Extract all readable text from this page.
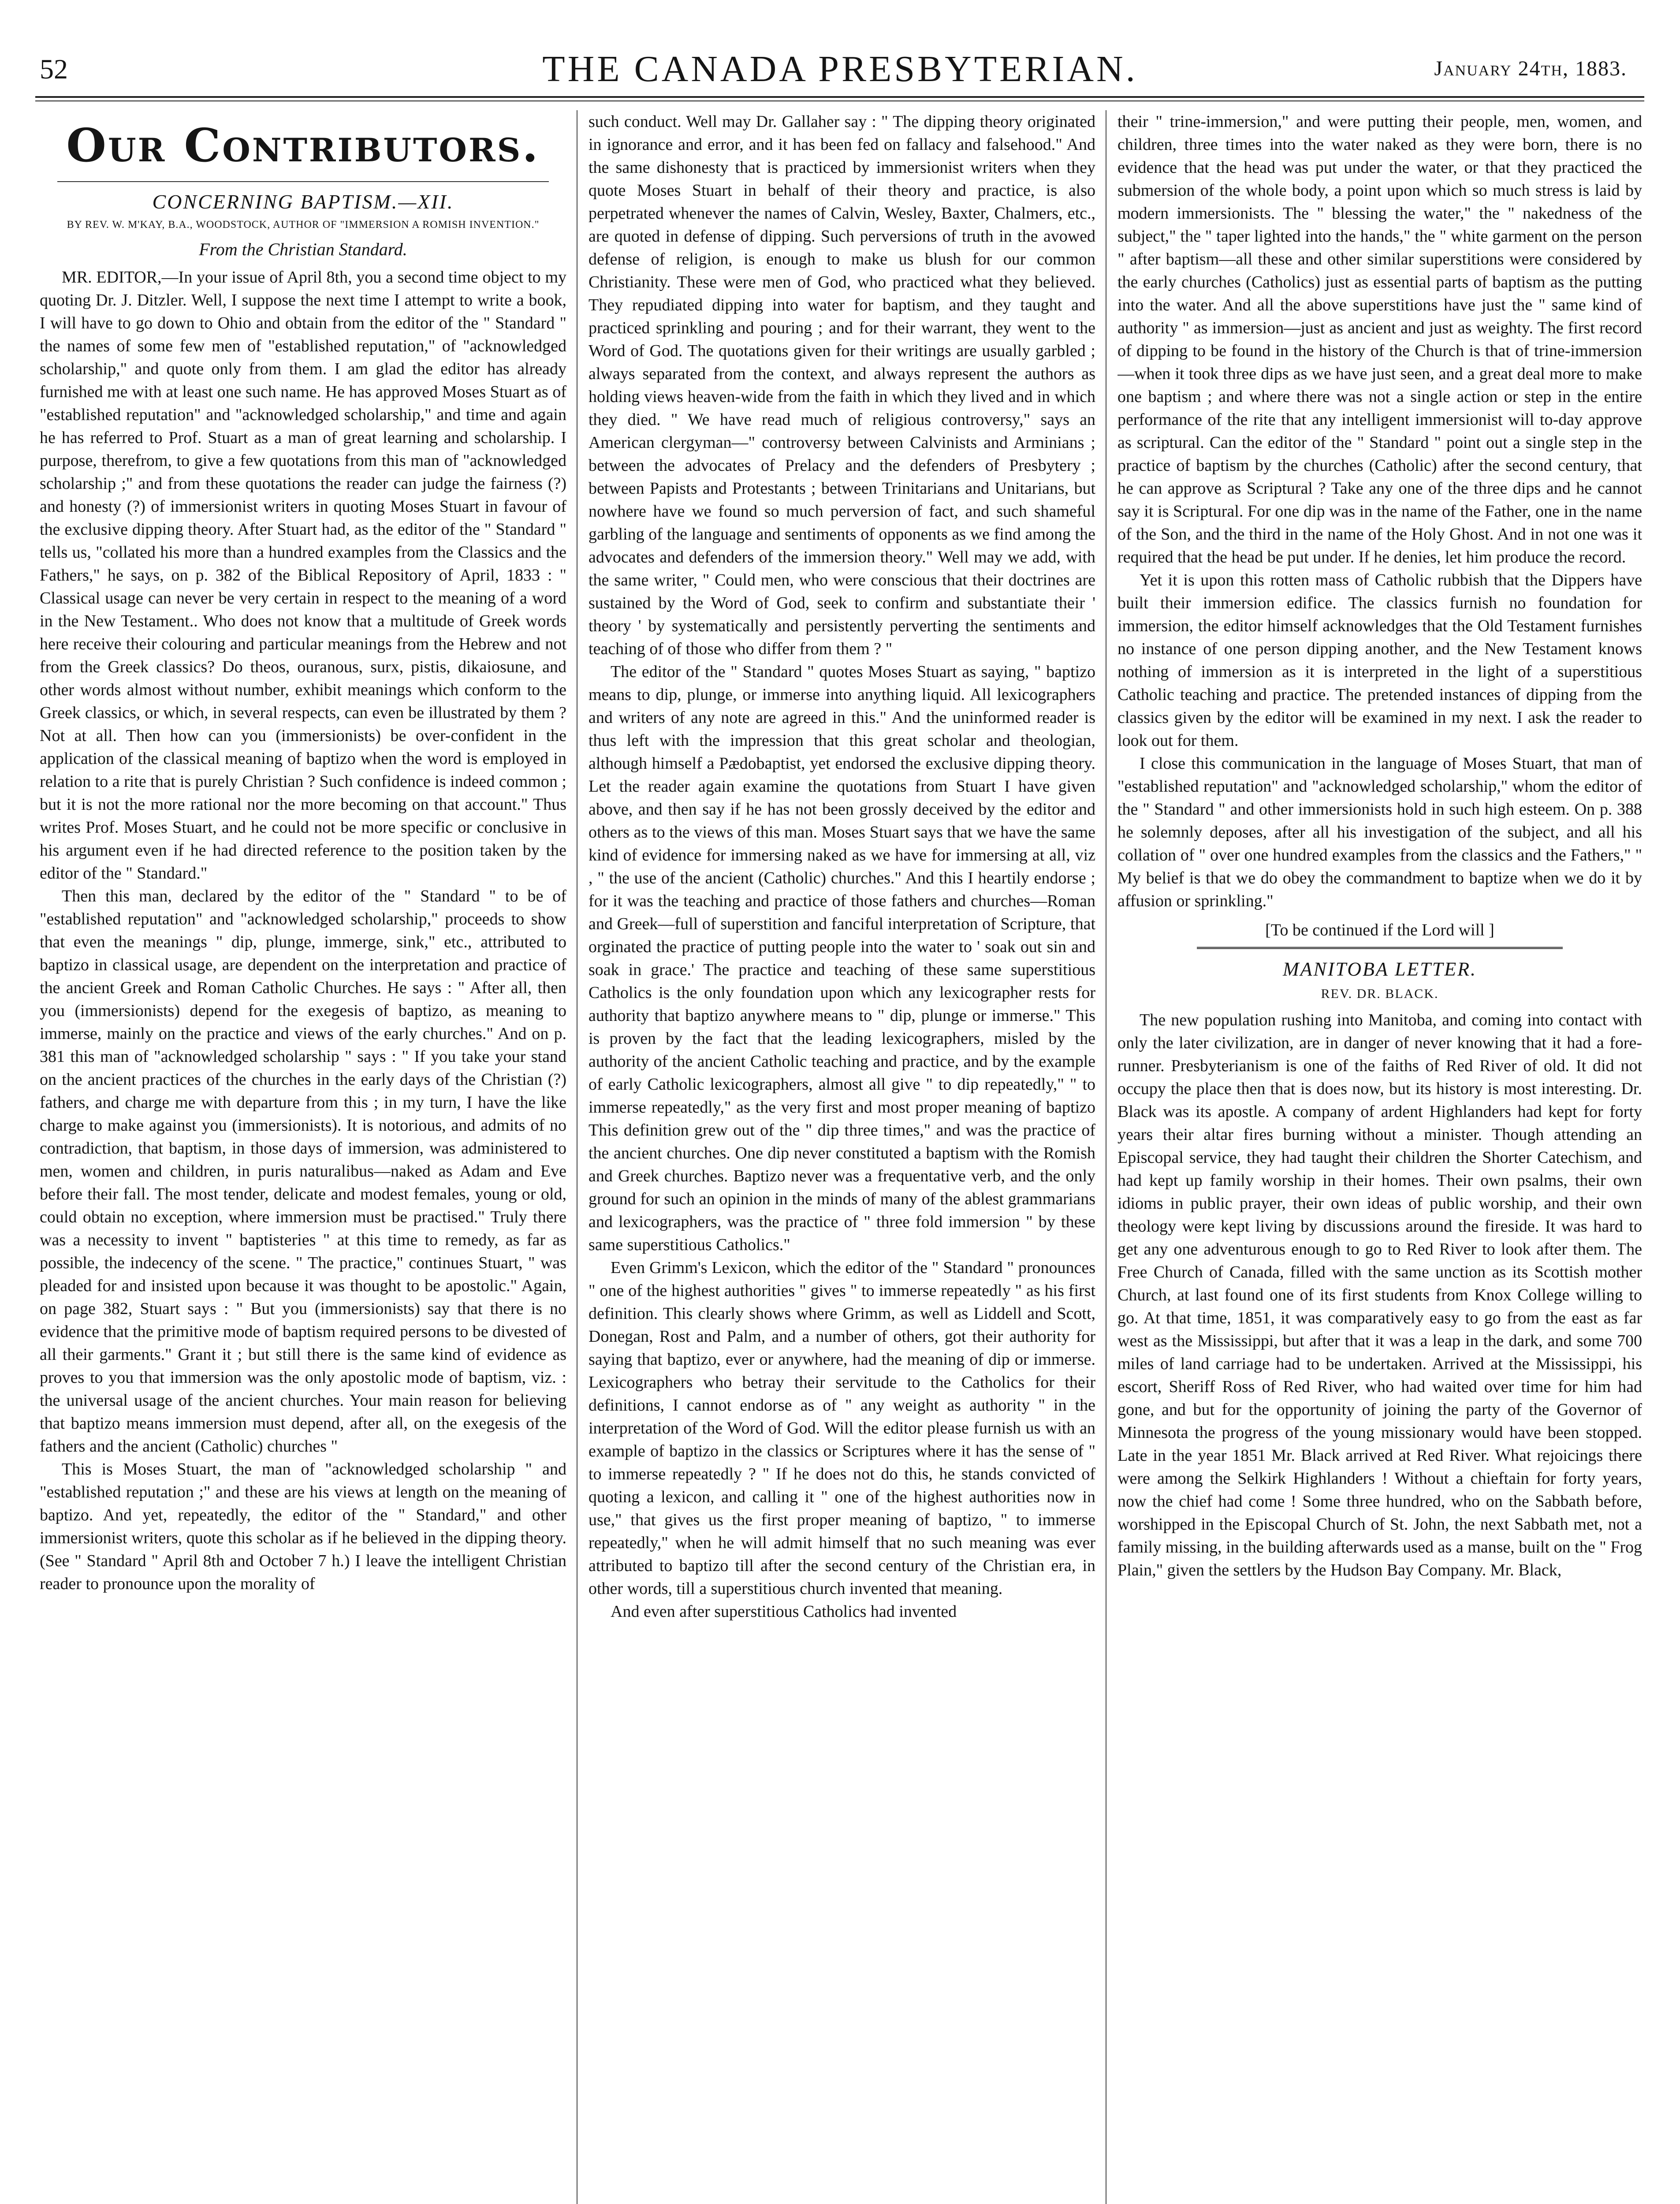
52	THE CANADA PRESBYTERIAN.	January 24th, 1883.
Our Contributors.
CONCERNING BAPTISM.—XII.
BY REV. W. M'KAY, B.A., WOODSTOCK, AUTHOR OF "IMMERSION A ROMISH INVENTION."
From the Christian Standard.

MR. EDITOR,—In your issue of April 8th, you a second time object to my quoting Dr. J. Ditzler. Well, I suppose the next time I attempt to write a book, I will have to go down to Ohio and obtain from the editor of the " Standard " the names of some few men of "established reputation," of "acknowledged scholarship," and quote only from them. I am glad the editor has already furnished me with at least one such name. He has approved Moses Stuart as of "established reputation" and "acknowledged scholarship," and time and again he has referred to Prof. Stuart as a man of great learning and scholarship. I purpose, therefrom, to give a few quotations from this man of "acknowledged scholarship ;" and from these quotations the reader can judge the fairness (?) and honesty (?) of immersionist writers in quoting Moses Stuart in favour of the exclusive dipping theory. After Stuart had, as the editor of the " Standard " tells us, "collated his more than a hundred examples from the Classics and the Fathers," he says, on p. 382 of the Biblical Repository of April, 1833 : " Classical usage can never be very certain in respect to the meaning of a word in the New Testament.. Who does not know that a multitude of Greek words here receive their colouring and particular meanings from the Hebrew and not from the Greek classics? Do theos, ouranous, surx, pistis, dikaiosune, and other words almost without number, exhibit meanings which conform to the Greek classics, or which, in several respects, can even be illustrated by them ? Not at all. Then how can you (immersionists) be over-confident in the application of the classical meaning of baptizo when the word is employed in relation to a rite that is purely Christian ? Such confidence is indeed common ; but it is not the more rational nor the more becoming on that account." Thus writes Prof. Moses Stuart, and he could not be more specific or conclusive in his argument even if he had directed reference to the position taken by the editor of the " Standard."

Then this man, declared by the editor of the " Standard " to be of "established reputation" and "acknowledged scholarship," proceeds to show that even the meanings " dip, plunge, immerge, sink," etc., attributed to baptizo in classical usage, are dependent on the interpretation and practice of the ancient Greek and Roman Catholic Churches. He says : " After all, then you (immersionists) depend for the exegesis of baptizo, as meaning to immerse, mainly on the practice and views of the early churches." And on p. 381 this man of "acknowledged scholarship " says : " If you take your stand on the ancient practices of the churches in the early days of the Christian (?) fathers, and charge me with departure from this ; in my turn, I have the like charge to make against you (immersionists). It is notorious, and admits of no contradiction, that baptism, in those days of immersion, was administered to men, women and children, in puris naturalibus—naked as Adam and Eve before their fall. The most tender, delicate and modest females, young or old, could obtain no exception, where immersion must be practised." Truly there was a necessity to invent " baptisteries " at this time to remedy, as far as possible, the indecency of the scene. " The practice," continues Stuart, " was pleaded for and insisted upon because it was thought to be apostolic." Again, on page 382, Stuart says : " But you (immersionists) say that there is no evidence that the primitive mode of baptism required persons to be divested of all their garments." Grant it ; but still there is the same kind of evidence as proves to you that immersion was the only apostolic mode of baptism, viz. : the universal usage of the ancient churches. Your main reason for believing that baptizo means immersion must depend, after all, on the exegesis of the fathers and the ancient (Catholic) churches "

This is Moses Stuart, the man of "acknowledged scholarship " and "established reputation ;" and these are his views at length on the meaning of baptizo. And yet, repeatedly, the editor of the " Standard," and other immersionist writers, quote this scholar as if he believed in the dipping theory. (See " Standard " April 8th and October 7 h.) I leave the intelligent Christian reader to pronounce upon the morality of

such conduct. Well may Dr. Gallaher say : " The dipping theory originated in ignorance and error, and it has been fed on fallacy and falsehood." And the same dishonesty that is practiced by immersionist writers when they quote Moses Stuart in behalf of their theory and practice, is also perpetrated whenever the names of Calvin, Wesley, Baxter, Chalmers, etc., are quoted in defense of dipping. Such perversions of truth in the avowed defense of religion, is enough to make us blush for our common Christianity. These were men of God, who practiced what they believed. They repudiated dipping into water for baptism, and they taught and practiced sprinkling and pouring ; and for their warrant, they went to the Word of God. The quotations given for their writings are usually garbled ; always separated from the context, and always represent the authors as holding views heaven-wide from the faith in which they lived and in which they died. " We have read much of religious controversy," says an American clergyman—" controversy between Calvinists and Arminians ; between the advocates of Prelacy and the defenders of Presbytery ; between Papists and Protestants ; between Trinitarians and Unitarians, but nowhere have we found so much perversion of fact, and such shameful garbling of the language and sentiments of opponents as we find among the advocates and defenders of the immersion theory." Well may we add, with the same writer, " Could men, who were conscious that their doctrines are sustained by the Word of God, seek to confirm and substantiate their ' theory ' by systematically and persistently perverting the sentiments and teaching of of those who differ from them ? "

The editor of the " Standard " quotes Moses Stuart as saying, " baptizo means to dip, plunge, or immerse into anything liquid. All lexicographers and writers of any note are agreed in this." And the uninformed reader is thus left with the impression that this great scholar and theologian, although himself a Pædobaptist, yet endorsed the exclusive dipping theory. Let the reader again examine the quotations from Stuart I have given above, and then say if he has not been grossly deceived by the editor and others as to the views of this man. Moses Stuart says that we have the same kind of evidence for immersing naked as we have for immersing at all, viz , " the use of the ancient (Catholic) churches." And this I heartily endorse ; for it was the teaching and practice of those fathers and churches—Roman and Greek—full of superstition and fanciful interpretation of Scripture, that orginated the practice of putting people into the water to ' soak out sin and soak in grace.' The practice and teaching of these same superstitious Catholics is the only foundation upon which any lexicographer rests for authority that baptizo anywhere means to " dip, plunge or immerse." This is proven by the fact that the leading lexicographers, misled by the authority of the ancient Catholic teaching and practice, and by the example of early Catholic lexicographers, almost all give " to dip repeatedly," " to immerse repeatedly," as the very first and most proper meaning of baptizo This definition grew out of the " dip three times," and was the practice of the ancient churches. One dip never constituted a baptism with the Romish and Greek churches. Baptizo never was a frequentative verb, and the only ground for such an opinion in the minds of many of the ablest grammarians and lexicographers, was the practice of " three fold immersion " by these same superstitious Catholics."

Even Grimm's Lexicon, which the editor of the " Standard " pronounces " one of the highest authorities " gives " to immerse repeatedly " as his first definition. This clearly shows where Grimm, as well as Liddell and Scott, Donegan, Rost and Palm, and a number of others, got their authority for saying that baptizo, ever or anywhere, had the meaning of dip or immerse. Lexicographers who betray their servitude to the Catholics for their definitions, I cannot endorse as of " any weight as authority " in the interpretation of the Word of God. Will the editor please furnish us with an example of baptizo in the classics or Scriptures where it has the sense of " to immerse repeatedly ? " If he does not do this, he stands convicted of quoting a lexicon, and calling it " one of the highest authorities now in use," that gives us the first proper meaning of baptizo, " to immerse repeatedly," when he will admit himself that no such meaning was ever attributed to baptizo till after the second century of the Christian era, in other words, till a superstitious church invented that meaning.

And even after superstitious Catholics had invented

their " trine-immersion," and were putting their people, men, women, and children, three times into the water naked as they were born, there is no evidence that the head was put under the water, or that they practiced the submersion of the whole body, a point upon which so much stress is laid by modern immersionists. The " blessing the water," the " nakedness of the subject," the " taper lighted into the hands," the " white garment on the person " after baptism—all these and other similar superstitions were considered by the early churches (Catholics) just as essential parts of baptism as the putting into the water. And all the above superstitions have just the " same kind of authority " as immersion—just as ancient and just as weighty. The first record of dipping to be found in the history of the Church is that of trine-immersion—when it took three dips as we have just seen, and a great deal more to make one baptism ; and where there was not a single action or step in the entire performance of the rite that any intelligent immersionist will to-day approve as scriptural. Can the editor of the " Standard " point out a single step in the practice of baptism by the churches (Catholic) after the second century, that he can approve as Scriptural ? Take any one of the three dips and he cannot say it is Scriptural. For one dip was in the name of the Father, one in the name of the Son, and the third in the name of the Holy Ghost. And in not one was it required that the head be put under. If he denies, let him produce the record.

Yet it is upon this rotten mass of Catholic rubbish that the Dippers have built their immersion edifice. The classics furnish no foundation for immersion, the editor himself acknowledges that the Old Testament furnishes no instance of one person dipping another, and the New Testament knows nothing of immersion as it is interpreted in the light of a superstitious Catholic teaching and practice. The pretended instances of dipping from the classics given by the editor will be examined in my next. I ask the reader to look out for them.

I close this communication in the language of Moses Stuart, that man of "established reputation" and "acknowledged scholarship," whom the editor of the " Standard " and other immersionists hold in such high esteem. On p. 388 he solemnly deposes, after all his investigation of the subject, and all his collation of " over one hundred examples from the classics and the Fathers," " My belief is that we do obey the commandment to baptize when we do it by affusion or sprinkling."

[To be continued if the Lord will ]
MANITOBA LETTER.
REV. DR. BLACK.

The new population rushing into Manitoba, and coming into contact with only the later civilization, are in danger of never knowing that it had a fore-runner. Presbyterianism is one of the faiths of Red River of old. It did not occupy the place then that is does now, but its history is most interesting. Dr. Black was its apostle. A company of ardent Highlanders had kept for forty years their altar fires burning without a minister. Though attending an Episcopal service, they had taught their children the Shorter Catechism, and had kept up family worship in their homes. Their own psalms, their own idioms in public prayer, their own ideas of public worship, and their own theology were kept living by discussions around the fireside. It was hard to get any one adventurous enough to go to Red River to look after them. The Free Church of Canada, filled with the same unction as its Scottish mother Church, at last found one of its first students from Knox College willing to go. At that time, 1851, it was comparatively easy to go from the east as far west as the Mississippi, but after that it was a leap in the dark, and some 700 miles of land carriage had to be undertaken. Arrived at the Mississippi, his escort, Sheriff Ross of Red River, who had waited over time for him had gone, and but for the opportunity of joining the party of the Governor of Minnesota the progress of the young missionary would have been stopped. Late in the year 1851 Mr. Black arrived at Red River. What rejoicings there were among the Selkirk Highlanders ! Without a chieftain for forty years, now the chief had come ! Some three hundred, who on the Sabbath before, worshipped in the Episcopal Church of St. John, the next Sabbath met, not a family missing, in the building afterwards used as a manse, built on the " Frog Plain," given the settlers by the Hudson Bay Company. Mr. Black,
